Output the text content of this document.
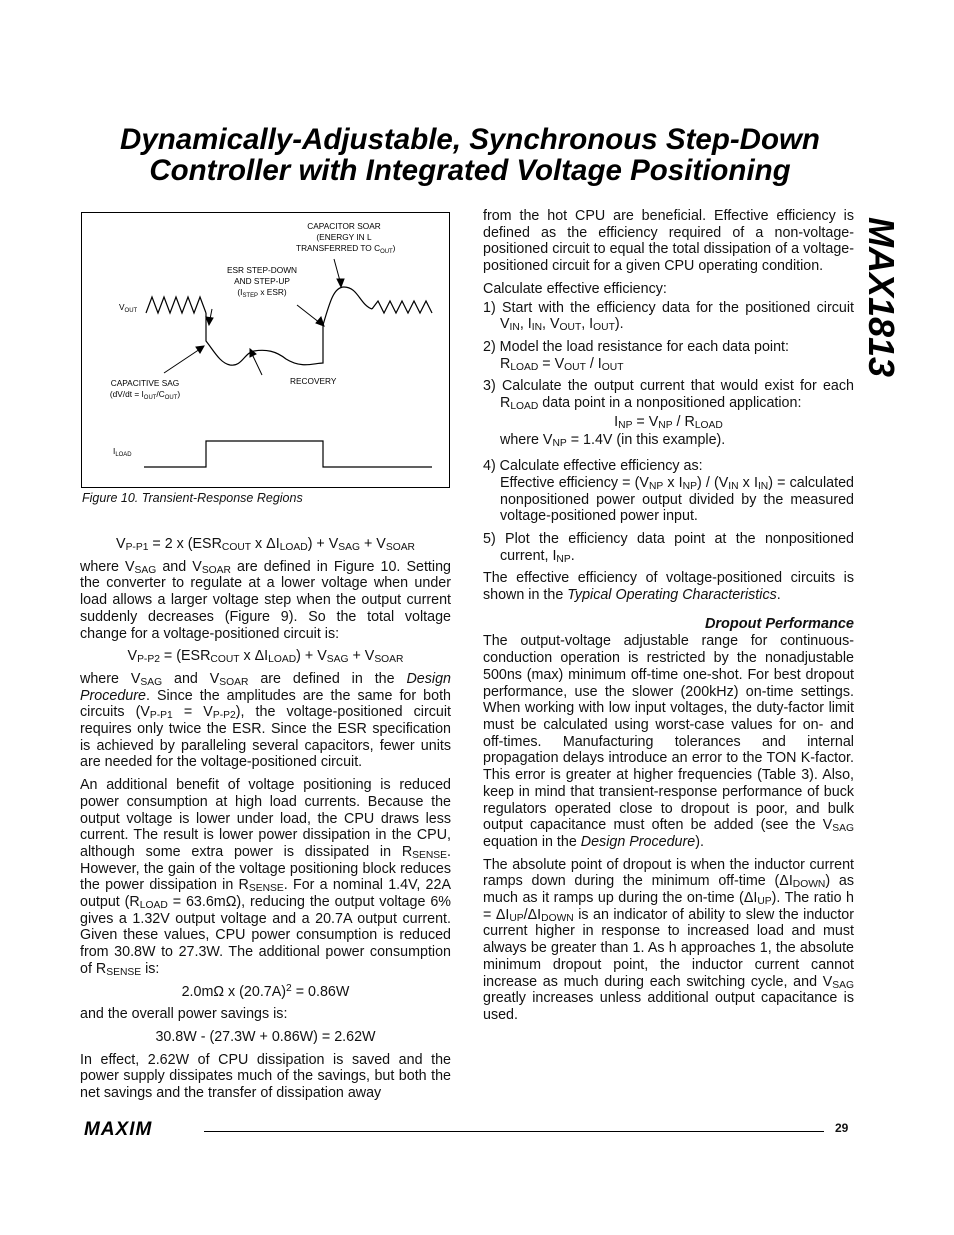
Dynamically-Adjustable, Synchronous Step-Down
Controller with Integrated Voltage Positioning
MAX1813
$V_{OUT}$
$I_{LOAD}$
CAPACITOR SOAR
(ENERGY IN L
TRANSFERRED TO $C_{OUT}$)
ESR STEP-DOWN
AND STEP-UP
($I_{STEP}$ x ESR)
CAPACITIVE SAG
$(dV/dt = I_{OUT}/C_{OUT})$
RECOVERY
Figure 10. Transient-Response Regions
$V_{P-P1} = 2$ x ($ESR_{COUT}$ x $\Delta I_{LOAD}) + V_{SAG} + V_{SOAR}$

where $V_{SAG}$ and $V_{SOAR}$ are defined in Figure 10. Setting the converter to regulate at a lower voltage when under load allows a larger voltage step when the output current suddenly decreases (Figure 9). So the total voltage change for a voltage-positioned circuit is:

$V_{P-P2} = (ESR_{COUT}$ x $\Delta I_{LOAD}) + V_{SAG} + V_{SOAR}$

where $V_{SAG}$ and $V_{SOAR}$ are defined in the Design Procedure. Since the amplitudes are the same for both circuits $(V_{P-P1} = V_{P-P2})$, the voltage-positioned circuit requires only twice the ESR. Since the ESR specification is achieved by paralleling several capacitors, fewer units are needed for the voltage-positioned circuit.

An additional benefit of voltage positioning is reduced power consumption at high load currents. Because the output voltage is lower under load, the CPU draws less current. The result is lower power dissipation in the CPU, although some extra power is dissipated in $R_{SENSE}$. However, the gain of the voltage positioning block reduces the power dissipation in $R_{SENSE}$. For a nominal 1.4V, 22A output $(R_{LOAD} = 63.6m\Omega)$, reducing the output voltage 6% gives a 1.32V output voltage and a 20.7A output current. Given these values, CPU power consumption is reduced from 30.8W to 27.3W. The additional power consumption of $R_{SENSE}$ is:

2.0mΩ x $(20.7A)^2 = 0.86W$

and the overall power savings is:

30.8W - (27.3W + 0.86W) = 2.62W

In effect, 2.62W of CPU dissipation is saved and the power supply dissipates much of the savings, but both the net savings and the transfer of dissipation away

from the hot CPU are beneficial. Effective efficiency is defined as the efficiency required of a non-voltage-positioned circuit to equal the total dissipation of a voltage-positioned circuit for a given CPU operating condition.

Calculate effective efficiency:

1) Start with the efficiency data for the positioned circuit $V_{IN}$, $I_{IN}$, $V_{OUT}$, $I_{OUT}$).
2) Model the load resistance for each data point:
$R_{LOAD} = V_{OUT} / I_{OUT}$
3) Calculate the output current that would exist for each $R_{LOAD}$ data point in a nonpositioned application:
$I_{NP} = V_{NP} / R_{LOAD}$
where $V_{NP} = 1.4V$ (in this example).
4) Calculate effective efficiency as:
Effective efficiency = ($V_{NP}$ x $I_{NP}) / (V_{IN}$ x $I_{IN}$) = calculated nonpositioned power output divided by the measured voltage-positioned power input.
5) Plot the efficiency data point at the nonpositioned current, $I_{NP}$.

The effective efficiency of voltage-positioned circuits is shown in the Typical Operating Characteristics.

Dropout Performance

The output-voltage adjustable range for continuous-conduction operation is restricted by the nonadjustable 500ns (max) minimum off-time one-shot. For best dropout performance, use the slower (200kHz) on-time settings. When working with low input voltages, the duty-factor limit must be calculated using worst-case values for on- and off-times. Manufacturing tolerances and internal propagation delays introduce an error to the TON K-factor. This error is greater at higher frequencies (Table 3). Also, keep in mind that transient-response performance of buck regulators operated close to dropout is poor, and bulk output capacitance must often be added (see the $V_{SAG}$ equation in the Design Procedure).

The absolute point of dropout is when the inductor current ramps down during the minimum off-time $(\Delta I_{DOWN})$ as much as it ramps up during the on-time $(\Delta I_{UP})$. The ratio $h = \Delta I_{UP}/\Delta I_{DOWN}$ is an indicator of ability to slew the inductor current higher in response to increased load and must always be greater than 1. As h approaches 1, the absolute minimum dropout point, the inductor current cannot increase as much during each switching cycle, and $V_{SAG}$ greatly increases unless additional output capacitance is used.

MAXIM	29
